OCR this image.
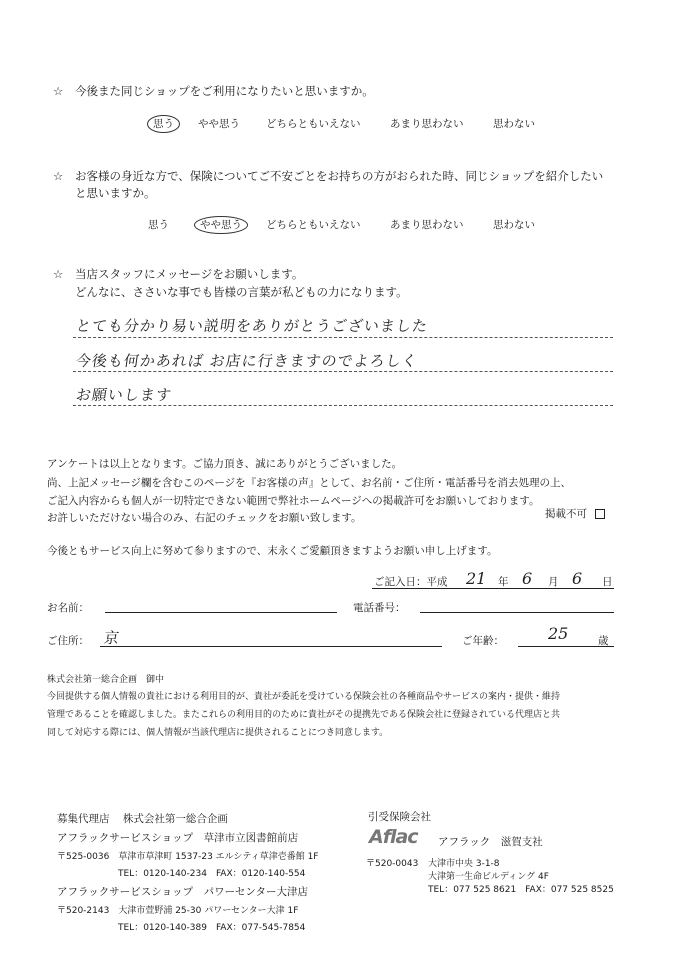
☆ 今後また同じショップをご利用になりたいと思いますか。
思う	やや思う どちらともいえない	あまり思わない	思わない
☆ お客様の身近な方で、保険についてご不安ごとをお持ちの方がおられた時、同じショップを紹介したい
と思いますか。
思う	やや思う	どちらともいえない	あまり思わない	思わない
☆ 当店スタッフにメッセージをお願いします。
どんなに、ささいな事でも皆様の言葉が私どもの力になります。
とても分かり易い説明をありがとうございました
今後も何かあれば お店に行きますのでよろしく
お願いします
アンケートは以上となります。ご協力頂き、誠にありがとうございました。
尚、上記メッセージ欄を含むこのページを『お客様の声』として、お名前・ご住所・電話番号を消去処理の上、
ご記入内容からも個人が一切特定できない範囲で弊社ホームページへの掲載許可をお願いしております。
お許しいただけない場合のみ、右記のチェックをお願い致します。	掲載不可
今後ともサービス向上に努めて参りますので、末永くご愛顧頂きますようお願い申し上げます。
ご記入日：平成 21 年 6 月 6 日
お名前：	電話番号：
ご住所： 京	ご年齢：	25	歳
株式会社第一総合企画　御中
今回提供する個人情報の貴社における利用目的が、貴社が委託を受けている保険会社の各種商品やサービスの案内・提供・維持
管理であることを確認しました。またこれらの利用目的のために貴社がその提携先である保険会社に登録されている代理店と共
同して対応する際には、個人情報が当該代理店に提供されることにつき同意します。
募集代理店 株式会社第一総合企画
アフラックサービスショップ　草津市立図書館前店
〒525-0036　草津市草津町 1537-23 エルシティ草津壱番館 1F
TEL：0120-140-234　FAX：0120-140-554
アフラックサービスショップ　パワーセンター大津店
〒520-2143　大津市萱野浦 25-30 パワーセンター大津 1F
TEL：0120-140-389　FAX：077-545-7854
引受保険会社
Aflac アフラック　滋賀支社
〒520-0043 大津市中央 3-1-8
大津第一生命ビルディング 4F
TEL：077 525 8621　FAX：077 525 8525
